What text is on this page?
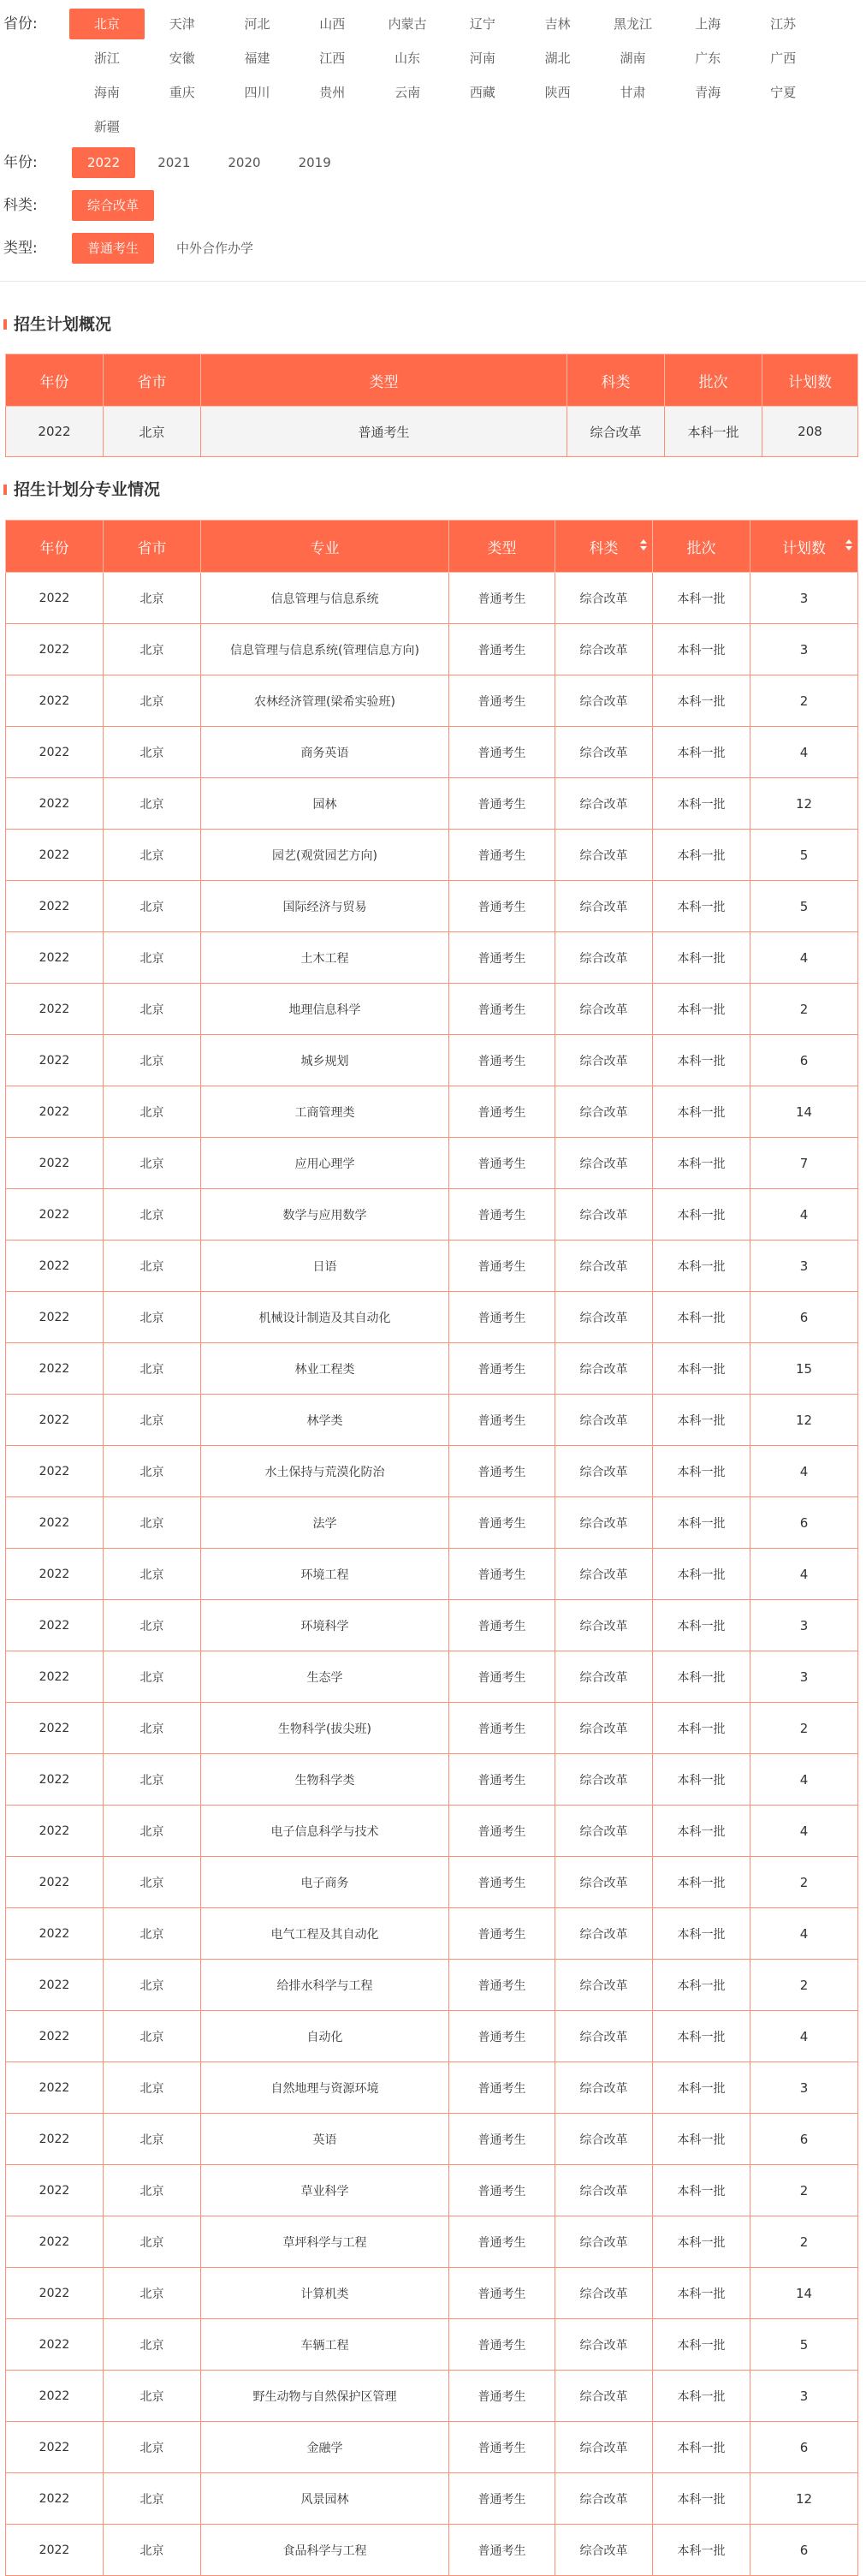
省份:	北京	天津	河北	山西	内蒙古	辽宁	吉林	黑龙江	上海	江苏
浙江	安徽	福建	江西	山东	河南	湖北	湖南	广东	广西
海南	重庆	四川	贵州	云南	西藏	陕西	甘肃	青海	宁夏
新疆
年份:	2022	2021	2020	2019
科类:	综合改革
类型:	普通考生	中外合作办学
招生计划概况
年份	省市	类型	科类	批次	计划数
2022	北京	普通考生	综合改革	本科一批	208
招生计划分专业情况
年份	省市	专业	类型	科类	批次	计划数

2022	北京	信息管理与信息系统	普通考生	综合改革	本科一批	3
2022	北京	信息管理与信息系统(管理信息方向)	普通考生	综合改革	本科一批	3
2022	北京	农林经济管理(梁希实验班)	普通考生	综合改革	本科一批	2
2022	北京	商务英语	普通考生	综合改革	本科一批	4
2022	北京	园林	普通考生	综合改革	本科一批	12
2022	北京	园艺(观赏园艺方向)	普通考生	综合改革	本科一批	5
2022	北京	国际经济与贸易	普通考生	综合改革	本科一批	5
2022	北京	土木工程	普通考生	综合改革	本科一批	4
2022	北京	地理信息科学	普通考生	综合改革	本科一批	2
2022	北京	城乡规划	普通考生	综合改革	本科一批	6
2022	北京	工商管理类	普通考生	综合改革	本科一批	14
2022	北京	应用心理学	普通考生	综合改革	本科一批	7
2022	北京	数学与应用数学	普通考生	综合改革	本科一批	4
2022	北京	日语	普通考生	综合改革	本科一批	3
2022	北京	机械设计制造及其自动化	普通考生	综合改革	本科一批	6
2022	北京	林业工程类	普通考生	综合改革	本科一批	15
2022	北京	林学类	普通考生	综合改革	本科一批	12
2022	北京	水土保持与荒漠化防治	普通考生	综合改革	本科一批	4
2022	北京	法学	普通考生	综合改革	本科一批	6
2022	北京	环境工程	普通考生	综合改革	本科一批	4
2022	北京	环境科学	普通考生	综合改革	本科一批	3
2022	北京	生态学	普通考生	综合改革	本科一批	3
2022	北京	生物科学(拔尖班)	普通考生	综合改革	本科一批	2
2022	北京	生物科学类	普通考生	综合改革	本科一批	4
2022	北京	电子信息科学与技术	普通考生	综合改革	本科一批	4
2022	北京	电子商务	普通考生	综合改革	本科一批	2
2022	北京	电气工程及其自动化	普通考生	综合改革	本科一批	4
2022	北京	给排水科学与工程	普通考生	综合改革	本科一批	2
2022	北京	自动化	普通考生	综合改革	本科一批	4
2022	北京	自然地理与资源环境	普通考生	综合改革	本科一批	3
2022	北京	英语	普通考生	综合改革	本科一批	6
2022	北京	草业科学	普通考生	综合改革	本科一批	2
2022	北京	草坪科学与工程	普通考生	综合改革	本科一批	2
2022	北京	计算机类	普通考生	综合改革	本科一批	14
2022	北京	车辆工程	普通考生	综合改革	本科一批	5
2022	北京	野生动物与自然保护区管理	普通考生	综合改革	本科一批	3
2022	北京	金融学	普通考生	综合改革	本科一批	6
2022	北京	风景园林	普通考生	综合改革	本科一批	12
2022	北京	食品科学与工程	普通考生	综合改革	本科一批	6
